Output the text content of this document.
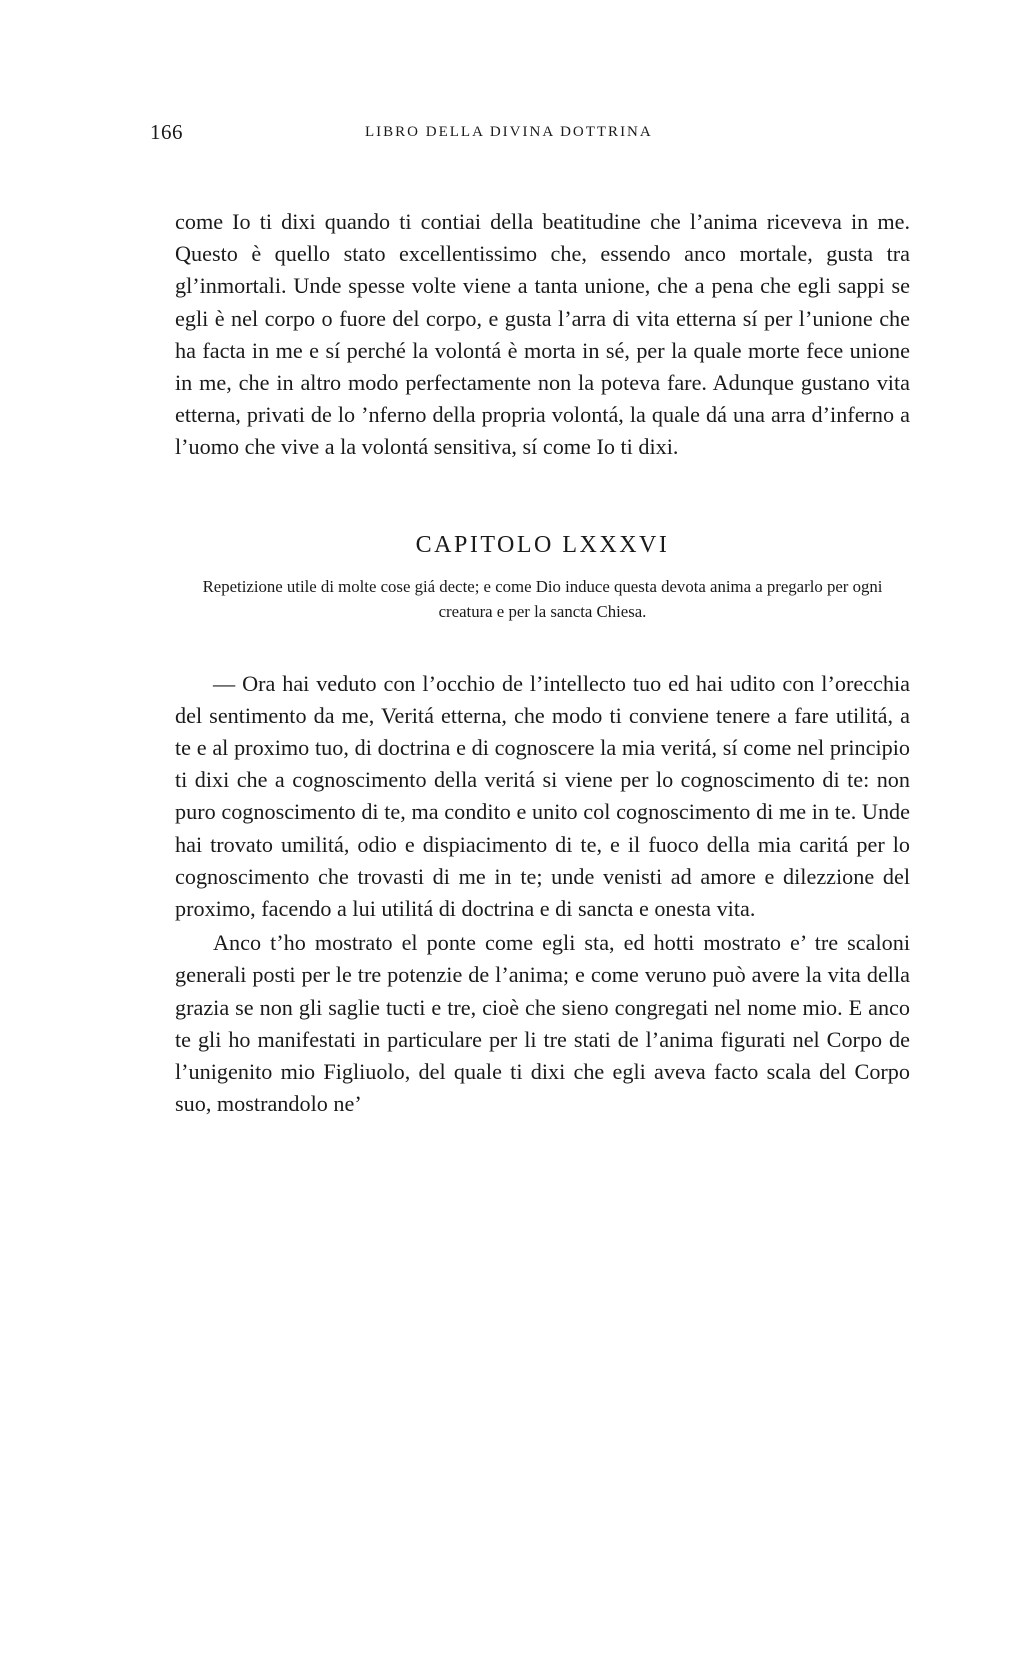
166	LIBRO DELLA DIVINA DOTTRINA

come Io ti dixi quando ti contiai della beatitudine che l’anima riceveva in me. Questo è quello stato excellentissimo che, essendo anco mortale, gusta tra gl’inmortali. Unde spesse volte viene a tanta unione, che a pena che egli sappi se egli è nel corpo o fuore del corpo, e gusta l’arra di vita etterna sí per l’unione che ha facta in me e sí perché la volontá è morta in sé, per la quale morte fece unione in me, che in altro modo perfectamente non la poteva fare. Adunque gustano vita etterna, privati de lo ’nferno della propria volontá, la quale dá una arra d’inferno a l’uomo che vive a la volontá sensitiva, sí come Io ti dixi.

CAPITOLO LXXXVI
Repetizione utile di molte cose giá decte; e come Dio induce questa devota anima a pregarlo per ogni creatura e per la sancta Chiesa.

— Ora hai veduto con l’occhio de l’intellecto tuo ed hai udito con l’orecchia del sentimento da me, Veritá etterna, che modo ti conviene tenere a fare utilitá, a te e al proximo tuo, di doctrina e di cognoscere la mia veritá, sí come nel principio ti dixi che a cognoscimento della veritá si viene per lo cognoscimento di te: non puro cognoscimento di te, ma condito e unito col cognoscimento di me in te. Unde hai trovato umilitá, odio e dispiacimento di te, e il fuoco della mia caritá per lo cognoscimento che trovasti di me in te; unde venisti ad amore e dilezzione del proximo, facendo a lui utilitá di doctrina e di sancta e onesta vita.

Anco t’ho mostrato el ponte come egli sta, ed hotti mostrato e’ tre scaloni generali posti per le tre potenzie de l’anima; e come veruno può avere la vita della grazia se non gli saglie tucti e tre, cioè che sieno congregati nel nome mio. E anco te gli ho manifestati in particulare per li tre stati de l’anima figurati nel Corpo de l’unigenito mio Figliuolo, del quale ti dixi che egli aveva facto scala del Corpo suo, mostrandolo ne’
